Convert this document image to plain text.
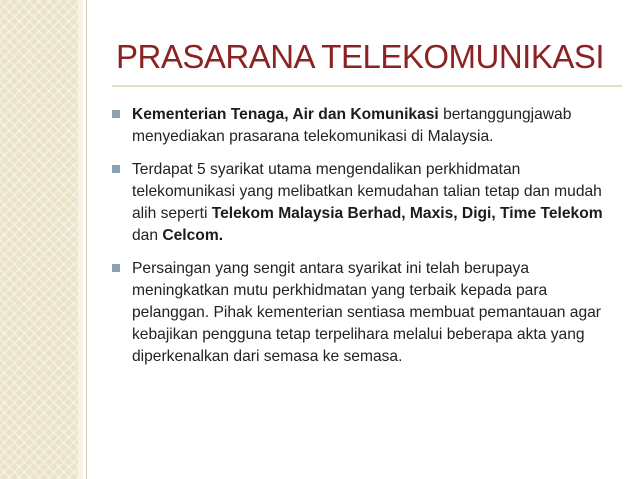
PRASARANA TELEKOMUNIKASI
Kementerian Tenaga, Air dan Komunikasi bertanggungjawab menyediakan prasarana telekomunikasi di Malaysia.
Terdapat 5 syarikat utama mengendalikan perkhidmatan telekomunikasi yang melibatkan kemudahan talian tetap dan mudah alih seperti Telekom Malaysia Berhad, Maxis, Digi, Time Telekom dan Celcom.
Persaingan yang sengit antara syarikat ini telah berupaya meningkatkan mutu perkhidmatan yang terbaik kepada para pelanggan. Pihak kementerian sentiasa membuat pemantauan agar kebajikan pengguna tetap terpelihara melalui beberapa akta yang diperkenalkan dari semasa ke semasa.
